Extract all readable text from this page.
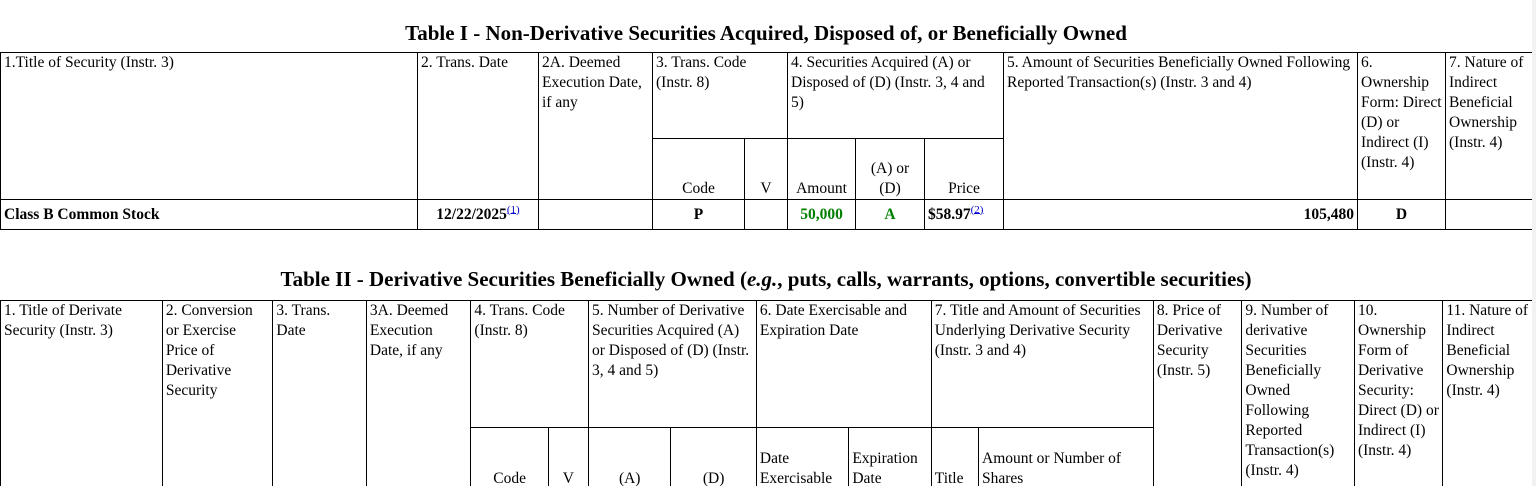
Table I - Non-Derivative Securities Acquired, Disposed of, or Beneficially Owned
1.Title of Security (Instr. 3)	2. Trans. Date	2A. Deemed Execution Date, if any	3. Trans. Code (Instr. 8)		4. Securities Acquired (A) or Disposed of (D) (Instr. 3, 4 and 5)			5. Amount of Securities Beneficially Owned Following Reported Transaction(s) (Instr. 3 and 4)	6. Ownership Form: Direct (D) or Indirect (I) (Instr. 4)	7. Nature of Indirect Beneficial Ownership (Instr. 4)
			Code	V	Amount	(A) or (D)	Price			
Class B Common Stock	12/22/2025$^{(1)}$		P		50,000	A	$58.97$^{(2)}$	105,480	D	
Table II - Derivative Securities Beneficially Owned (e.g., puts, calls, warrants, options, convertible securities)
1. Title of Derivate Security (Instr. 3)	2. Conversion or Exercise Price of Derivative Security	3. Trans. Date	3A. Deemed Execution Date, if any	4. Trans. Code (Instr. 8)		5. Number of Derivative Securities Acquired (A) or Disposed of (D) (Instr. 3, 4 and 5)		6. Date Exercisable and Expiration Date		7. Title and Amount of Securities Underlying Derivative Security (Instr. 3 and 4)		8. Price of Derivative Security (Instr. 5)	9. Number of derivative Securities Beneficially Owned Following Reported Transaction(s) (Instr. 4)	10. Ownership Form of Derivative Security: Direct (D) or Indirect (I) (Instr. 4)	11. Nature of Indirect Beneficial Ownership (Instr. 4)
				Code	V	(A)	(D)	Date Exercisable	Expiration Date	Title	Amount or Number of Shares				
